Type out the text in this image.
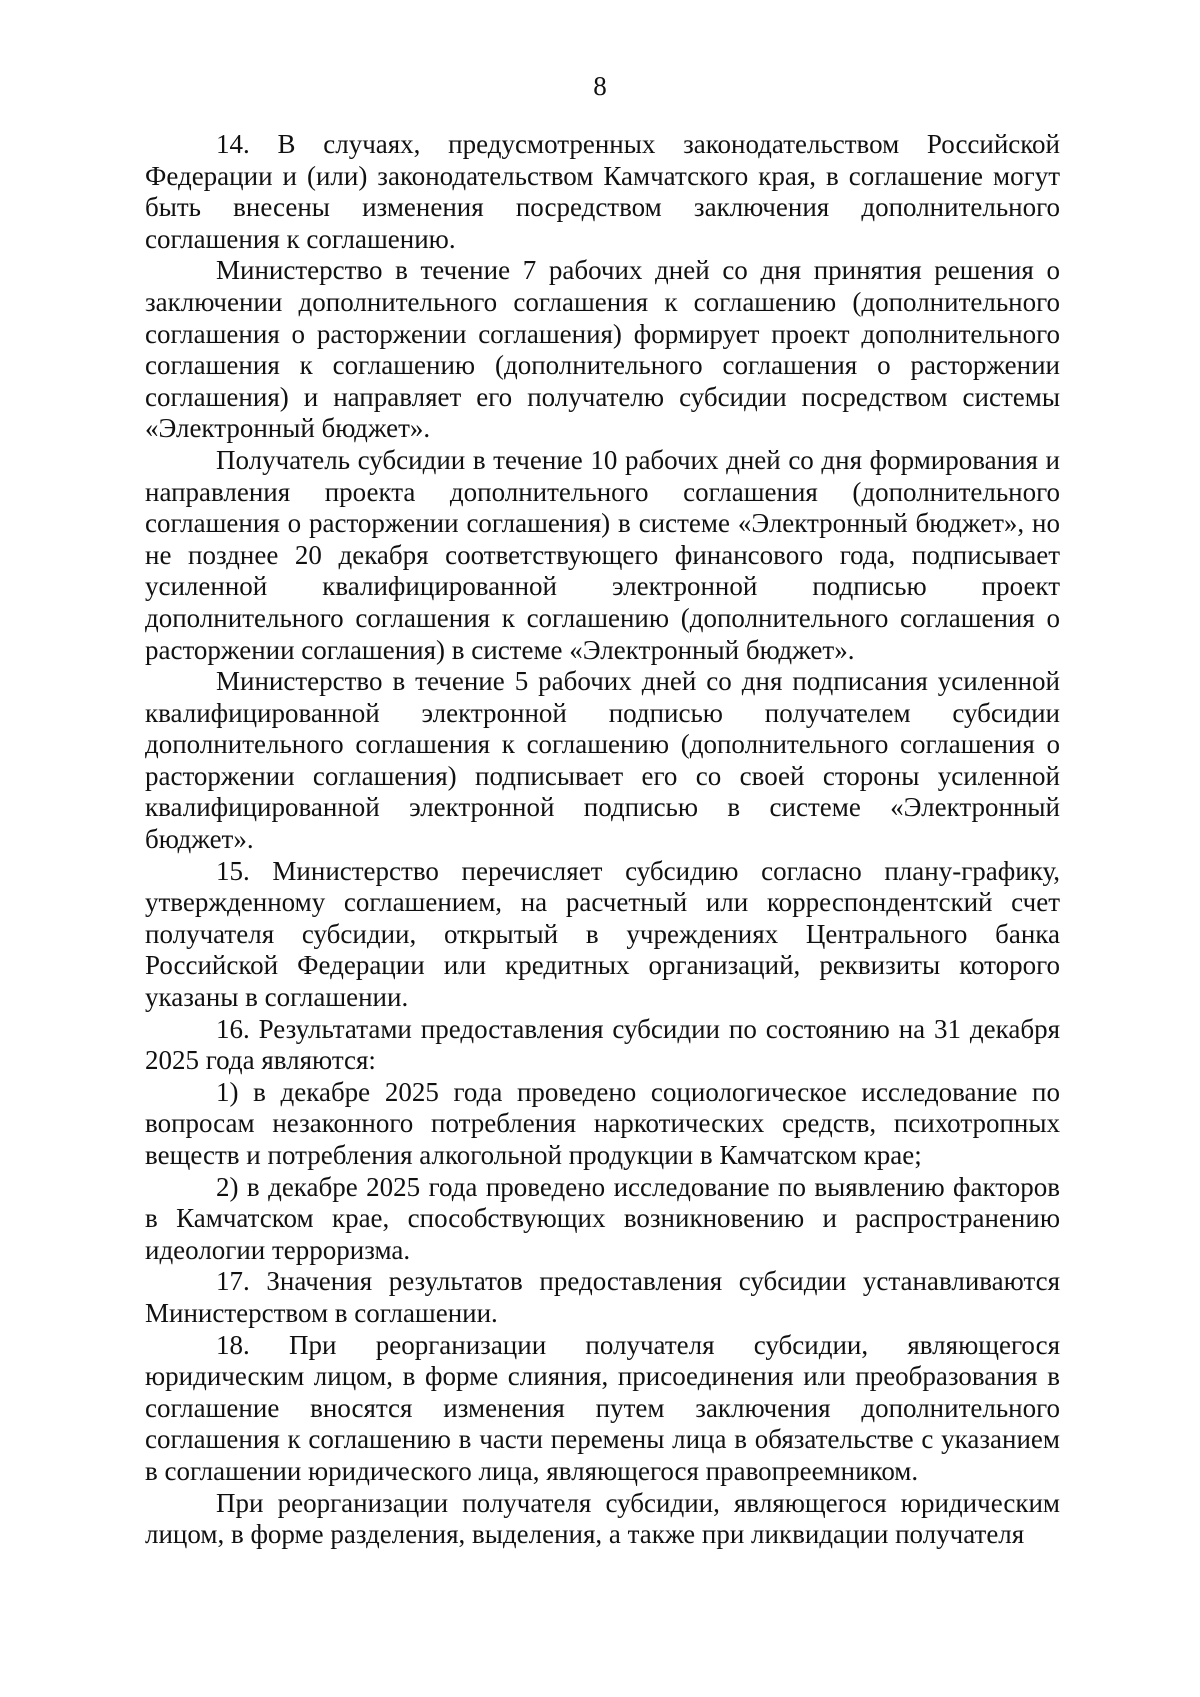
8

14. В случаях, предусмотренных законодательством Российской Федерации и (или) законодательством Камчатского края, в соглашение могут быть внесены изменения посредством заключения дополнительного соглашения к соглашению.

Министерство в течение 7 рабочих дней со дня принятия решения о заключении дополнительного соглашения к соглашению (дополнительного соглашения о расторжении соглашения) формирует проект дополнительного соглашения к соглашению (дополнительного соглашения о расторжении соглашения) и направляет его получателю субсидии посредством системы «Электронный бюджет».

Получатель субсидии в течение 10 рабочих дней со дня формирования и направления проекта дополнительного соглашения (дополнительного соглашения о расторжении соглашения) в системе «Электронный бюджет», но не позднее 20 декабря соответствующего финансового года, подписывает усиленной квалифицированной электронной подписью проект дополнительного соглашения к соглашению (дополнительного соглашения о расторжении соглашения) в системе «Электронный бюджет».

Министерство в течение 5 рабочих дней со дня подписания усиленной квалифицированной электронной подписью получателем субсидии дополнительного соглашения к соглашению (дополнительного соглашения о расторжении соглашения) подписывает его со своей стороны усиленной квалифицированной электронной подписью в системе «Электронный бюджет».

15. Министерство перечисляет субсидию согласно плану-графику, утвержденному соглашением, на расчетный или корреспондентский счет получателя субсидии, открытый в учреждениях Центрального банка Российской Федерации или кредитных организаций, реквизиты которого указаны в соглашении.

16. Результатами предоставления субсидии по состоянию на 31 декабря 2025 года являются:

1) в декабре 2025 года проведено социологическое исследование по вопросам незаконного потребления наркотических средств, психотропных веществ и потребления алкогольной продукции в Камчатском крае;

2) в декабре 2025 года проведено исследование по выявлению факторов в Камчатском крае, способствующих возникновению и распространению идеологии терроризма.

17. Значения результатов предоставления субсидии устанавливаются Министерством в соглашении.

18. При реорганизации получателя субсидии, являющегося юридическим лицом, в форме слияния, присоединения или преобразования в соглашение вносятся изменения путем заключения дополнительного соглашения к соглашению в части перемены лица в обязательстве с указанием в соглашении юридического лица, являющегося правопреемником.

При реорганизации получателя субсидии, являющегося юридическим лицом, в форме разделения, выделения, а также при ликвидации получателя
